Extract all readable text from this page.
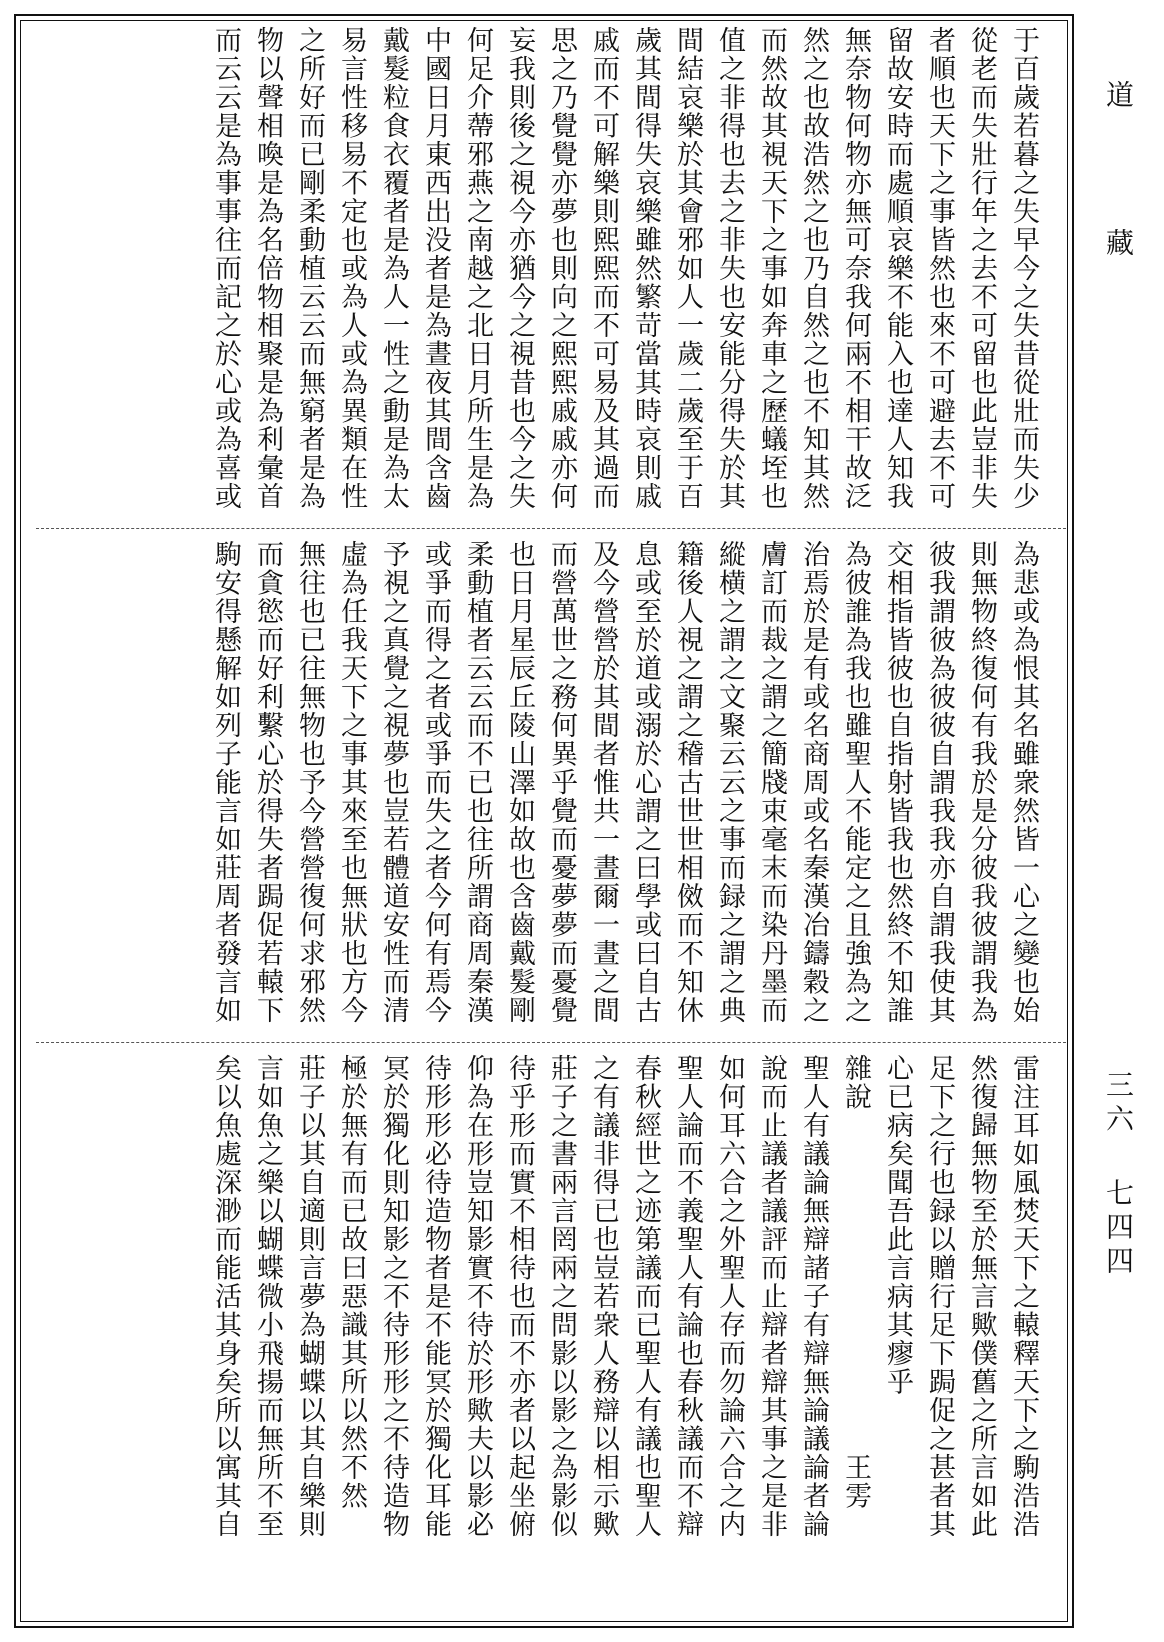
道藏
三六七四四
于百歲若暮之失早今之失昔從壯而失少
從老而失壯行年之去不可留也此豈非失
者順也天下之事皆然也來不可避去不可
留故安時而處順哀樂不能入也達人知我
無奈物何物亦無可奈我何兩不相干故泛
然之也故浩然之也乃自然之也不知其然
而然故其視天下之事如奔車之歷蟻垤也
值之非得也去之非失也安能分得失於其
間結哀樂於其會邪如人一歲二歲至于百
歲其間得失哀樂雖然繁苛當其時哀則戚
戚而不可解樂則熙熙而不可易及其過而
思之乃覺覺亦夢也則向之熙熙戚戚亦何
妄我則後之視今亦猶今之視昔也今之失
何足介蔕邪燕之南越之北日月所生是為
中國日月東西出没者是為晝夜其間含齒
戴髮粒食衣覆者是為人一性之動是為太
易言性移易不定也或為人或為異類在性
之所好而已剛柔動植云云而無窮者是為
物以聲相喚是為名倍物相聚是為利彙首
而云云是為事事往而記之於心或為喜或
為悲或為恨其名雖衆然皆一心之變也始
則無物終復何有我於是分彼我彼謂我為
彼我謂彼為彼彼自謂我我亦自謂我使其
交相指皆彼也自指射皆我也然終不知誰
為彼誰為我也雖聖人不能定之且強為之
治焉於是有或名商周或名秦漢冶鑄穀之
膚訂而裁之謂之簡牋束毫末而染丹墨而
縱横之謂之文聚云云之事而録之謂之典
籍後人視之謂之稽古世世相傚而不知休
息或至於道或溺於心謂之曰學或曰自古
及今營營於其間者惟共一晝爾一晝之間
而營萬世之務何異乎覺而憂夢夢而憂覺
也日月星辰丘陵山澤如故也含齒戴髮剛
柔動植者云云而不已也往所謂商周秦漢
或爭而得之者或爭而失之者今何有焉今
予視之真覺之視夢也豈若體道安性而清
虛為任我天下之事其來至也無狀也方今
無往也已往無物也予今營營復何求邪然
而貪慾而好利繫心於得失者跼促若轅下
駒安得懸解如列子能言如莊周者發言如
雷注耳如風焚天下之轅釋天下之駒浩浩
然復歸無物至於無言歟僕舊之所言如此
足下之行也録以贈行足下跼促之甚者其
心已病矣聞吾此言病其瘳乎
雜說　　　　　　　　　　　　王雱
聖人有議論無辯諸子有辯無論議論者論
說而止議者議評而止辯者辯其事之是非
如何耳六合之外聖人存而勿論六合之内
聖人論而不義聖人有論也春秋議而不辯
春秋經世之迹第議而已聖人有議也聖人
之有議非得已也豈若衆人務辯以相示歟
莊子之書兩言罔兩之問影以影之為影似
待乎形而實不相待也而不亦者以起坐俯
仰為在形豈知影實不待於形歟夫以影必
待形形必待造物者是不能冥於獨化耳能
冥於獨化則知影之不待形形之不待造物
極於無有而已故曰惡識其所以然不然
莊子以其自適則言夢為蝴蝶以其自樂則
言如魚之樂以蝴蝶微小飛揚而無所不至
矣以魚處深渺而能活其身矣所以寓其自
